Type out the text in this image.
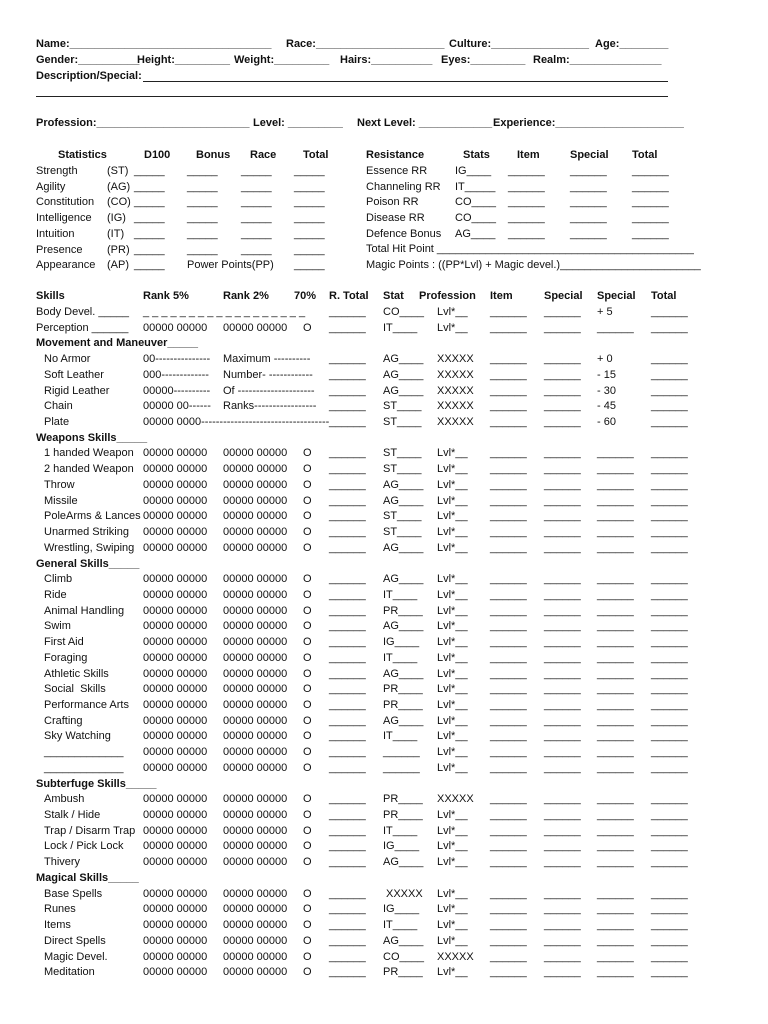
Name:_________________________________ Race:_____________________ Culture:________________ Age:________
Gender:__________
Height:_________ Weight:_________ Hairs:__________ Eyes:_________ Realm:_______________
Description/Special:
Profession:_________________________ Level: _________ Next Level: ____________ Experience:_____________________
Statistics	D100 Bonus Race Total	Resistance	Stats Item	Special Total
Strength	(ST) _____ _____ _____ _____
Agility	(AG) _____ _____ _____ _____
Constitution (CO) _____ _____ _____ _____
Intelligence (IG) _____ _____ _____ _____
Intuition	(IT) _____ _____ _____ _____
Presence (PR) _____ _____ _____ _____
Appearance (AP) _____ Power Points(PP) _____
Essence RR	IG____ ______ ______ ______
Channeling RR IT_____ ______ ______ ______
Poison RR	CO____ ______ ______ ______
Disease RR	CO____ ______ ______ ______
Defence Bonus AG____ ______ ______ ______
Total Hit Point __________________________________________
Magic Points : ((PP*Lvl) + Magic devel.)_______________________
Skills	Rank 5%	Rank 2% 70% R. Total Stat Profession Item	Special Special Total
Body Devel. _____ _ _ _ _ _ _ _ _ _ _ _ _ _ _ _ _ _ _ ______ CO____ Lvl*__ ______ ______ + 5	______
Perception ______ 00000 00000 00000 00000 O ______ IT____ Lvl*__ ______ ______ ______ ______
Movement and Maneuver_____
No Armor	00--------------- Maximum ---------- ______ AG____ XXXXX ______ ______ + 0	______
Soft Leather	000------------- Number- ------------ ______ AG____ XXXXX ______ ______ - 15	______
Rigid Leather	00000---------- Of --------------------- ______ AG____ XXXXX ______ ______ - 30	______
Chain	00000 00------ Ranks----------------- ______ ST____ XXXXX ______ ______ - 45	______
Plate	00000 0000----------------------------------- ______ ST____ XXXXX ______ ______ - 60	______
Weapons Skills_____
1 handed Weapon 00000 00000 00000 00000 O ______ ST____ Lvl*__ ______ ______ ______ ______
2 handed Weapon 00000 00000 00000 00000 O ______ ST____ Lvl*__ ______ ______ ______ ______
Throw	00000 00000 00000 00000 O ______ AG____ Lvl*__ ______ ______ ______ ______
Missile	00000 00000 00000 00000 O ______ AG____ Lvl*__ ______ ______ ______ ______
PoleArms & Lances 00000 00000 00000 00000 O ______ ST____ Lvl*__ ______ ______ ______ ______
Unarmed Striking 00000 00000 00000 00000 O ______ ST____ Lvl*__ ______ ______ ______ ______
Wrestling, Swiping 00000 00000 00000 00000 O ______ AG____ Lvl*__ ______ ______ ______ ______
General Skills_____
Climb	00000 00000 00000 00000 O ______ AG____ Lvl*__ ______ ______ ______ ______
Ride	00000 00000 00000 00000 O ______ IT____ Lvl*__ ______ ______ ______ ______
Animal Handling 00000 00000 00000 00000 O ______ PR____ Lvl*__ ______ ______ ______ ______
Swim	00000 00000 00000 00000 O ______ AG____ Lvl*__ ______ ______ ______ ______
First Aid	00000 00000 00000 00000 O ______ IG____ Lvl*__ ______ ______ ______ ______
Foraging	00000 00000 00000 00000 O ______ IT____ Lvl*__ ______ ______ ______ ______
Athletic Skills	00000 00000 00000 00000 O ______ AG____ Lvl*__ ______ ______ ______ ______
Social  Skills	00000 00000 00000 00000 O ______ PR____ Lvl*__ ______ ______ ______ ______
Performance Arts 00000 00000 00000 00000 O ______ PR____ Lvl*__ ______ ______ ______ ______
Crafting	00000 00000 00000 00000 O ______ AG____ Lvl*__ ______ ______ ______ ______
Sky Watching	00000 00000 00000 00000 O ______ IT____ Lvl*__ ______ ______ ______ ______
_____________ 00000 00000 00000 00000 O ______ ______ Lvl*__ ______ ______ ______ ______
_____________ 00000 00000 00000 00000 O ______ ______ Lvl*__ ______ ______ ______ ______
Subterfuge Skills_____
Ambush	00000 00000 00000 00000 O ______ PR____ XXXXX ______ ______ ______ ______
Stalk / Hide	00000 00000 00000 00000 O ______ PR____ Lvl*__ ______ ______ ______ ______
Trap / Disarm Trap 00000 00000 00000 00000 O ______ IT____ Lvl*__ ______ ______ ______ ______
Lock / Pick Lock 00000 00000 00000 00000 O ______ IG____ Lvl*__ ______ ______ ______ ______
Thivery	00000 00000 00000 00000 O ______ AG____ Lvl*__ ______ ______ ______ ______
Magical Skills_____
Base Spells	00000 00000 00000 00000 O ______ XXXXX Lvl*__ ______ ______ ______ ______
Runes	00000 00000 00000 00000 O ______ IG____ Lvl*__ ______ ______ ______ ______
Items	00000 00000 00000 00000 O ______ IT____ Lvl*__ ______ ______ ______ ______
Direct Spells	00000 00000 00000 00000 O ______ AG____ Lvl*__ ______ ______ ______ ______
Magic Devel.	00000 00000 00000 00000 O ______ CO____ XXXXX ______ ______ ______ ______
Meditation	00000 00000 00000 00000 O ______ PR____ Lvl*__ ______ ______ ______ ______
